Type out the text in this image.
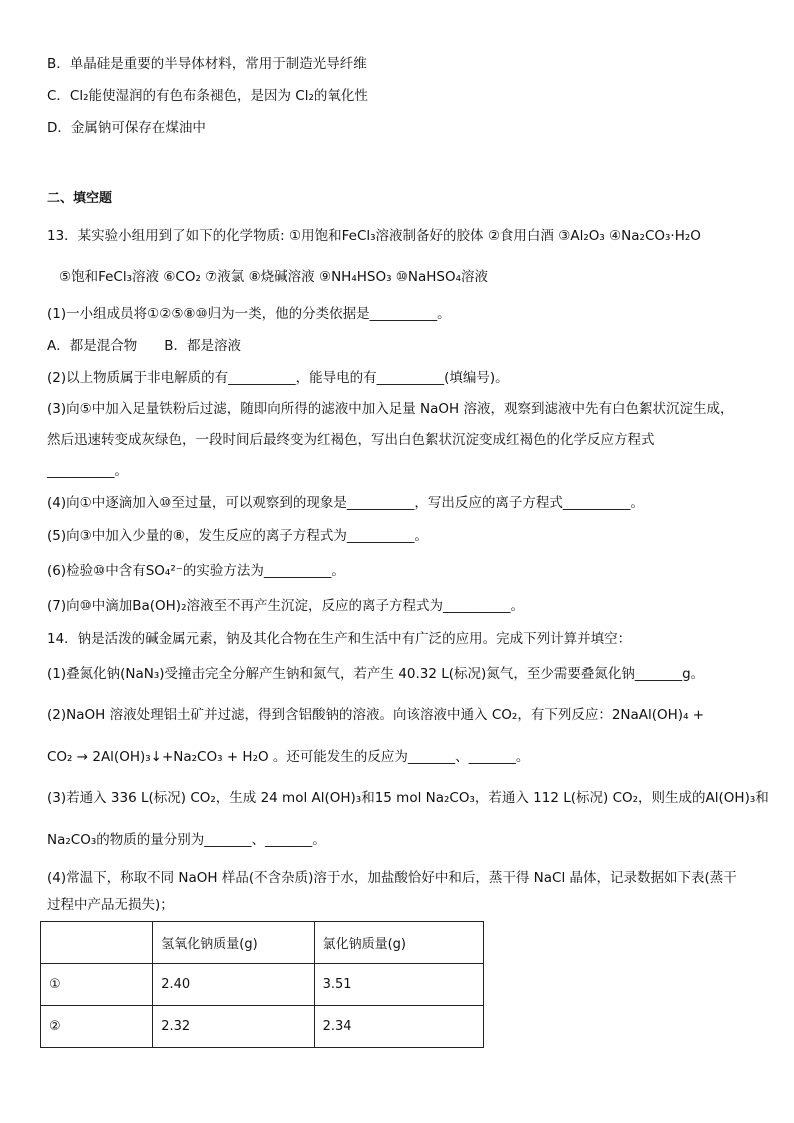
B．单晶硅是重要的半导体材料，常用于制造光导纤维
C．Cl₂能使湿润的有色布条褪色，是因为 Cl₂的氧化性
D．金属钠可保存在煤油中
二、填空题
13．某实验小组用到了如下的化学物质: ①用饱和FeCl₃溶液制备好的胶体 ②食用白酒 ③Al₂O₃ ④Na₂CO₃·H₂O
⑤饱和FeCl₃溶液 ⑥CO₂ ⑦液氯 ⑧烧碱溶液 ⑨NH₄HSO₃ ⑩NaHSO₄溶液
(1)一小组成员将①②⑤⑧⑩归为一类，他的分类依据是__________。
A．都是混合物　　B．都是溶液
(2)以上物质属于非电解质的有__________，能导电的有__________(填编号)。
(3)向⑤中加入足量铁粉后过滤，随即向所得的滤液中加入足量 NaOH 溶液，观察到滤液中先有白色絮状沉淀生成，
然后迅速转变成灰绿色，一段时间后最终变为红褐色，写出白色絮状沉淀变成红褐色的化学反应方程式
__________。
(4)向①中逐滴加入⑩至过量，可以观察到的现象是__________，写出反应的离子方程式__________。
(5)向③中加入少量的⑧，发生反应的离子方程式为__________。
(6)检验⑩中含有SO₄²⁻的实验方法为__________。
(7)向⑩中滴加Ba(OH)₂溶液至不再产生沉淀，反应的离子方程式为__________。
14．钠是活泼的碱金属元素，钠及其化合物在生产和生活中有广泛的应用。完成下列计算并填空：
(1)叠氮化钠(NaN₃)受撞击完全分解产生钠和氮气，若产生 40.32 L(标况)氮气，至少需要叠氮化钠_______g。
(2)NaOH 溶液处理铝土矿并过滤，得到含铝酸钠的溶液。向该溶液中通入 CO₂，有下列反应：2NaAl(OH)₄ +
CO₂ → 2Al(OH)₃↓+Na₂CO₃ + H₂O 。还可能发生的反应为_______、_______。
(3)若通入 336 L(标况) CO₂，生成 24 mol Al(OH)₃和15 mol Na₂CO₃，若通入 112 L(标况) CO₂，则生成的Al(OH)₃和
Na₂CO₃的物质的量分别为_______、_______。
(4)常温下，称取不同 NaOH 样品(不含杂质)溶于水，加盐酸恰好中和后，蒸干得 NaCl 晶体，记录数据如下表(蒸干
过程中产品无损失)；
	氢氧化钠质量(g)	氯化钠质量(g)
①	2.40	3.51
②	2.32	2.34
